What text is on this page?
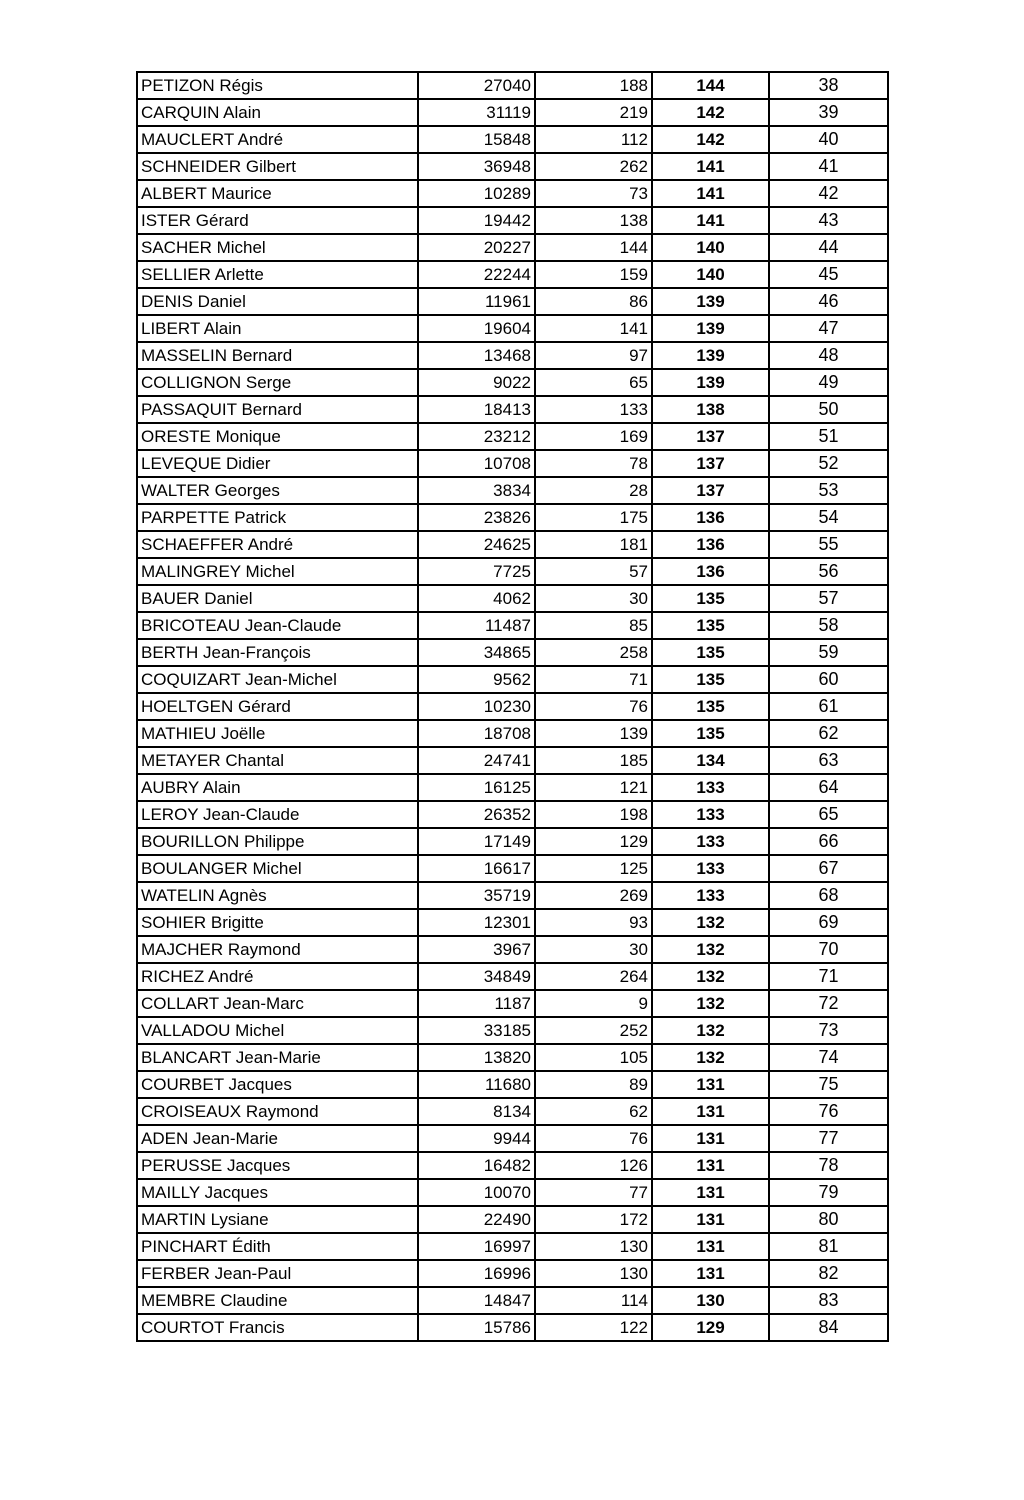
PETIZON Régis	27040	188	144	38
CARQUIN Alain	31119	219	142	39
MAUCLERT André	15848	112	142	40
SCHNEIDER Gilbert	36948	262	141	41
ALBERT Maurice	10289	73	141	42
ISTER Gérard	19442	138	141	43
SACHER Michel	20227	144	140	44
SELLIER Arlette	22244	159	140	45
DENIS Daniel	11961	86	139	46
LIBERT Alain	19604	141	139	47
MASSELIN Bernard	13468	97	139	48
COLLIGNON Serge	9022	65	139	49
PASSAQUIT Bernard	18413	133	138	50
ORESTE Monique	23212	169	137	51
LEVEQUE Didier	10708	78	137	52
WALTER Georges	3834	28	137	53
PARPETTE Patrick	23826	175	136	54
SCHAEFFER André	24625	181	136	55
MALINGREY Michel	7725	57	136	56
BAUER Daniel	4062	30	135	57
BRICOTEAU Jean-Claude	11487	85	135	58
BERTH Jean-François	34865	258	135	59
COQUIZART Jean-Michel	9562	71	135	60
HOELTGEN Gérard	10230	76	135	61
MATHIEU Joëlle	18708	139	135	62
METAYER Chantal	24741	185	134	63
AUBRY Alain	16125	121	133	64
LEROY Jean-Claude	26352	198	133	65
BOURILLON Philippe	17149	129	133	66
BOULANGER Michel	16617	125	133	67
WATELIN Agnès	35719	269	133	68
SOHIER Brigitte	12301	93	132	69
MAJCHER Raymond	3967	30	132	70
RICHEZ André	34849	264	132	71
COLLART Jean-Marc	1187	9	132	72
VALLADOU Michel	33185	252	132	73
BLANCART Jean-Marie	13820	105	132	74
COURBET Jacques	11680	89	131	75
CROISEAUX Raymond	8134	62	131	76
ADEN Jean-Marie	9944	76	131	77
PERUSSE Jacques	16482	126	131	78
MAILLY Jacques	10070	77	131	79
MARTIN Lysiane	22490	172	131	80
PINCHART Édith	16997	130	131	81
FERBER Jean-Paul	16996	130	131	82
MEMBRE Claudine	14847	114	130	83
COURTOT Francis	15786	122	129	84
